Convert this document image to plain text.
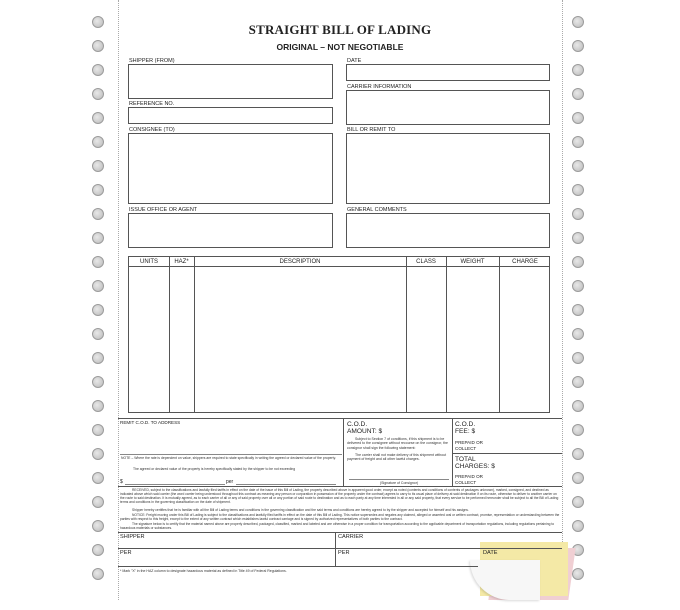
STRAIGHT BILL OF LADING
ORIGINAL – NOT NEGOTIABLE
SHIPPER (FROM)	DATE
CARRIER INFORMATION
REFERENCE NO.
CONSIGNEE (TO)	BILL OR REMIT TO
ISSUE OFFICE OR AGENT	GENERAL COMMENTS
UNITS	HAZ*	DESCRIPTION	CLASS	WEIGHT	CHARGE
REMIT C.O.D. TO ADDRESS
NOTE – Where the rate is dependent on value, shippers are required to state specifically in writing the agreed or declared value of the property.
The agreed or declared value of the property is hereby specifically stated by the shipper to be not exceeding
$	per
C.O.D.
AMOUNT: $
Subject to Section 7 of conditions, if this shipment is to be delivered to the consignee without recourse on the consignor, the consignor shall sign the following statement:
The carrier shall not make delivery of this shipment without payment of freight and all other lawful charges.
(Signature of Consignor)
C.O.D.
FEE: $
PREPAID OR
COLLECT
TOTAL
CHARGES: $
PREPAID OR
COLLECT
RECEIVED, subject to the classifications and lawfully filed tariffs in effect on the date of the issue of this Bill of Lading, the property described above in apparent good order, except as noted (contents and conditions of contents of packages unknown), marked, consigned, and destined as indicated above which said carrier (the word carrier being understood throughout this contract as meaning any person or corporation in possession of the property under the contract) agrees to carry to its usual place of delivery at said destination if on its route, otherwise to deliver to another carrier on the route to said destination. It is mutually agreed, as to each carrier of all or any of said property over all or any portion of said route to destination and as to each party at any time interested in all or any said property, that every service to be performed hereunder shall be subject to all the Bill of Lading terms and conditions in the governing classification on the date of shipment.
Shipper hereby certifies that he is familiar with all the Bill of Lading terms and conditions in the governing classification and the said terms and conditions are hereby agreed to by the shipper and accepted for himself and his assigns.
NOTICE: Freight moving under this Bill of Lading is subject to the classifications and lawfully filed tariffs in effect on the date of this Bill of Lading. This notice supersedes and negates any claimed, alleged or asserted oral or written contract, promise, representation or understanding between the parties with respect to this freight, except to the extent of any written contract which establishes lawful contract carriage and is signed by authorized representatives of both parties to the contract.
The signature below is to certify that the material named above are properly described, packaged, classified, marked and labeled and are otherwise in a proper condition for transportation according to the applicable department of transportation regulations, including regulations pertaining to hazardous materials or substances.
SHIPPER	CARRIER
PER	PER	DATE
* Mark "X" in the HAZ column to designate hazardous material as defined in Title 49 of Federal Regulations.
